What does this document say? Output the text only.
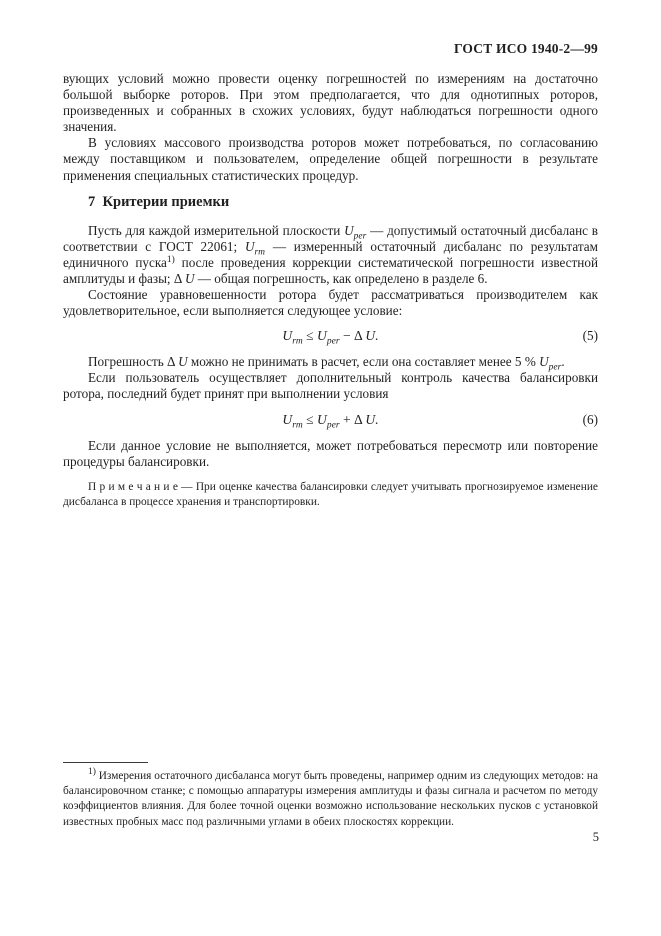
ГОСТ ИСО 1940-2—99

вующих условий можно провести оценку погрешностей по измерениям на достаточно большой выборке роторов. При этом предполагается, что для однотипных роторов, произведенных и собранных в схожих условиях, будут наблюдаться погрешности одного значения.

В условиях массового производства роторов может потребоваться, по согласованию между поставщиком и пользователем, определение общей погрешности в результате применения специальных статистических процедур.

7 Критерии приемки

Пусть для каждой измерительной плоскости $U_{per}$ — допустимый остаточный дисбаланс в соответствии с ГОСТ 22061; $U_{rm}$ — измеренный остаточный дисбаланс по результатам единичного пуска$^{1)}$ после проведения коррекции систематической погрешности известной амплитуды и фазы; Δ U — общая погрешность, как определено в разделе 6.

Состояние уравновешенности ротора будет рассматриваться производителем как удовлетворительное, если выполняется следующее условие:

$U_{rm} \le U_{per} - \Delta$ U.	(5)

Погрешность Δ U можно не принимать в расчет, если она составляет менее 5 % $U_{per}$.

Если пользователь осуществляет дополнительный контроль качества балансировки ротора, последний будет принят при выполнении условия

$U_{rm} \le U_{per} + \Delta$ U.	(6)

Если данное условие не выполняется, может потребоваться пересмотр или повторение процедуры балансировки.

П р и м е ч а н и е — При оценке качества балансировки следует учитывать прогнозируемое изменение дисбаланса в процессе хранения и транспортировки.

$^{1)}$ Измерения остаточного дисбаланса могут быть проведены, например одним из следующих методов: на балансировочном станке; с помощью аппаратуры измерения амплитуды и фазы сигнала и расчетом по методу коэффициентов влияния. Для более точной оценки возможно использование нескольких пусков с установкой известных пробных масс под различными углами в обеих плоскостях коррекции.

5
